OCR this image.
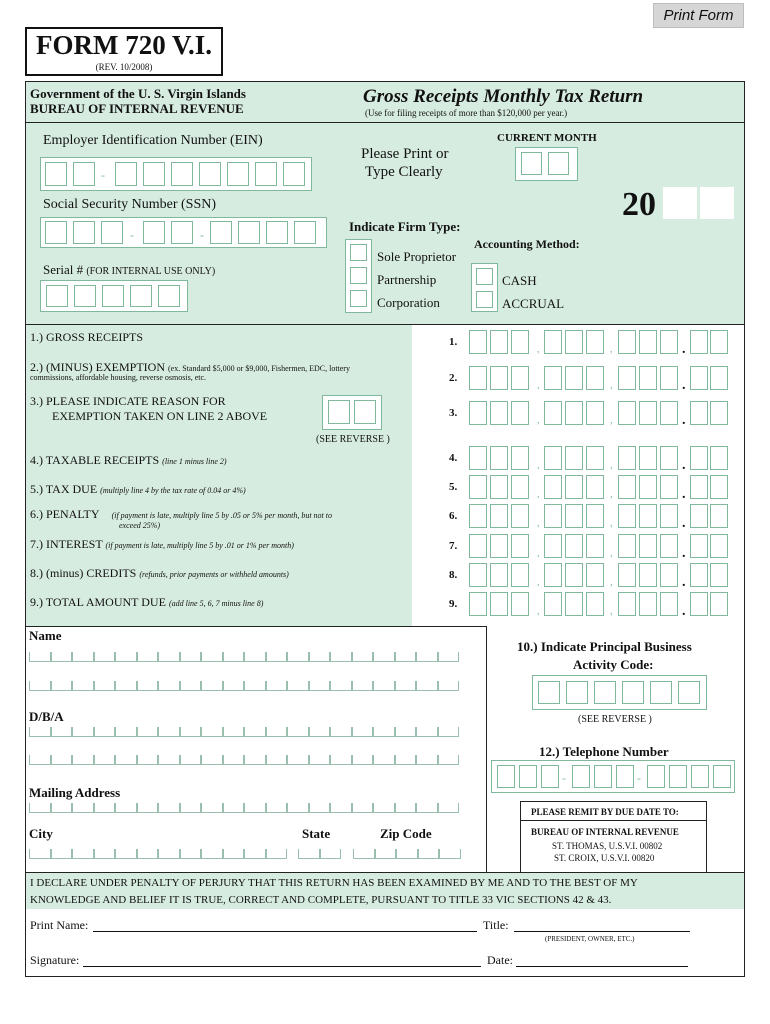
Print Form
FORM 720 V.I.
(REV. 10/2008)
Government of the U. S. Virgin Islands
BUREAU OF INTERNAL REVENUE
Gross Receipts Monthly Tax Return
(Use for filing receipts of more than $120,000 per year.)
Employer Identification Number (EIN)
Social Security Number (SSN)
Serial # (FOR INTERNAL USE ONLY)
Please Print or
Type Clearly
CURRENT MONTH
20
Indicate Firm Type:
Sole Proprietor
Partnership
Corporation
Accounting Method:
CASH
ACCRUAL
1.) GROSS RECEIPTS
2.) (MINUS) EXEMPTION (ex. Standard $5,000 or $9,000, Fishermen, EDC, lottery
commissions, affordable housing, reverse osmosis, etc.
3.) PLEASE INDICATE REASON FOR
EXEMPTION TAKEN ON LINE 2 ABOVE
(SEE REVERSE )
4.) TAXABLE RECEIPTS (line 1 minus line 2)
5.) TAX DUE (multiply line 4 by the tax rate of 0.04 or 4%)
6.) PENALTY (if payment is late, multiply line 5 by .05 or 5% per month, but not to
exceed 25%)
7.) INTEREST (if payment is late, multiply line 5 by .01 or 1% per month)
8.) (minus) CREDITS (refunds, prior payments or withheld amounts)
9.) TOTAL AMOUNT DUE (add line 5, 6, 7 minus line 8)
Name
D/B/A
Mailing Address
City	State	Zip Code
10.) Indicate Principal Business
Activity Code:
(SEE REVERSE )
12.) Telephone Number
PLEASE REMIT BY DUE DATE TO:
BUREAU OF INTERNAL REVENUE
ST. THOMAS, U.S.V.I. 00802
ST. CROIX, U.S.V.I. 00820
I DECLARE UNDER PENALTY OF PERJURY THAT THIS RETURN HAS BEEN EXAMINED BY ME AND TO THE BEST OF MY
KNOWLEDGE AND BELIEF IT IS TRUE, CORRECT AND COMPLETE, PURSUANT TO TITLE 33 VIC SECTIONS 42 & 43.
Print Name:	Title:
(PRESIDENT, OWNER, ETC.)
Signature:	Date:
-
-	-
-	-
1.
,	,	.
2.
,	,	.
3.
,	,	.
4.
,	,	.
5.
,	,	.
6.
,	,	.
7.
,	,	.
8.
,	,	.
9.
,	,	.
